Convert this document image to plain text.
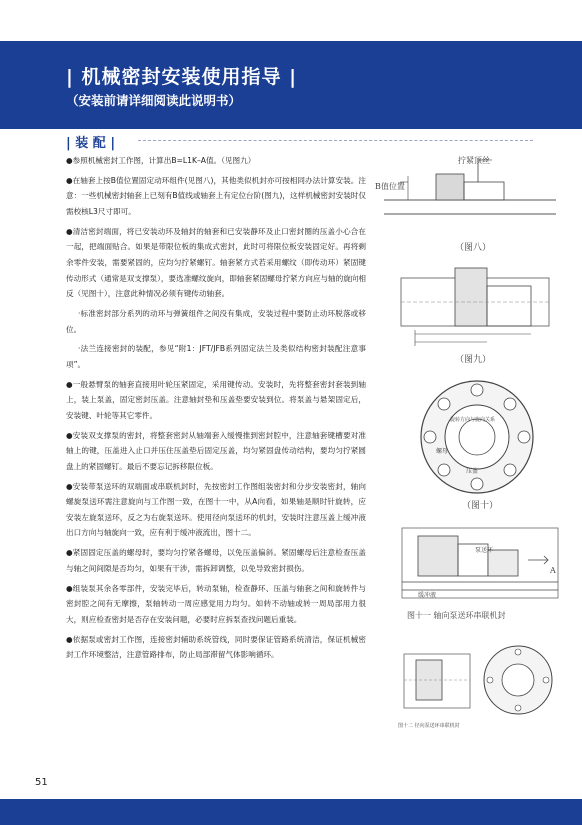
| 机械密封安装使用指导 |
（安装前请详细阅读此说明书）
| 装 配 |

●参照机械密封工作图，计算出B=L1K–A值。（见图九）

●在轴套上按B值位置固定动环组件(见图八)，其他类似机封亦可按相同办法计算安装。注意：一些机械密封轴套上已刻有B值线或轴套上有定位台阶(图九)，这样机械密封安装时仅需校核L3尺寸即可。

●清洁密封端面，将已安装动环及轴封的轴套和已安装静环及止口密封圈的压盖小心合在一起，把端面贴合。如果是带限位板的集成式密封，此时可将限位板安装固定好。再将剩余零件安装，需要紧固的，应均匀拧紧螺钉。轴套紧方式若采用螺纹（即传动环）紧固键传动形式（通常是双支撑泵），要选准螺纹旋向，即轴套紧固螺母拧紧方向应与轴的旋向相反（见图十），注意此种情况必须有键传动轴套。

·标准密封部分系列的动环与弹簧组件之间没有集成，安装过程中要防止动环脱落或移位。

·法兰连接密封的装配，参见“附1：JFT/JFB系列固定法兰及类似结构密封装配注意事项”。

●一般悬臂泵的轴套直接用叶轮压紧固定，采用键传动。安装时，先将整套密封套装到轴上，装上泵盖，固定密封压盖。注意轴封垫和压盖垫要安装到位。将泵盖与悬架固定后，安装键、叶轮等其它零件。

●安装双支撑泵的密封，将整套密封从轴端套入缓慢推到密封腔中，注意轴套键槽要对准轴上的键，压盖进入止口并压住压盖垫后固定压盖，均匀紧固盘传动结构，要均匀拧紧圆盘上的紧固螺钉。最后不要忘记拆移限位板。

●安装带泵送环的双端面或串联机封时，先按密封工作图组装密封和分步安装密封，轴向螺旋泵送环需注意旋向与工作图一致，在图十一中，从A向看，如果轴是顺时针旋转，应安装左旋泵送环，反之为右旋泵送环。使用径向泵送环的机封，安装时注意压盖上缓冲液出口方向与轴旋向一致，应有利于缓冲液流出，图十二。

●紧固固定压盖的螺母时，要均匀拧紧各螺母，以免压盖偏斜。紧固螺母后注意检查压盖与轴之间间隙是否均匀，如果有干涉，需拆卸调整，以免导致密封损伤。

●组装泵其余各零部件，安装完毕后，转动泵轴，检查静环、压盖与轴套之间和旋转件与密封腔之间有无摩擦，泵轴转动一周应感觉用力均匀。如转不动轴或转一周局部用力很大，则应检查密封是否存在安装问题，必要时应拆泵查找问题后重装。

●依据泵或密封工作图，连接密封辅助系统管线，同时要保证管路系统清洁，保证机械密封工作环境整洁，注意管路排布，防止局部滞留气体影响循环。

拧紧顶丝
B值位置
（图八）
（图九）
旋转方向与旋向关系
螺母
压盖
（图十）
泵送环
A
缓冲液
图十一 轴向泵送环串联机封
图十二 径向泵送环串联机封
51
